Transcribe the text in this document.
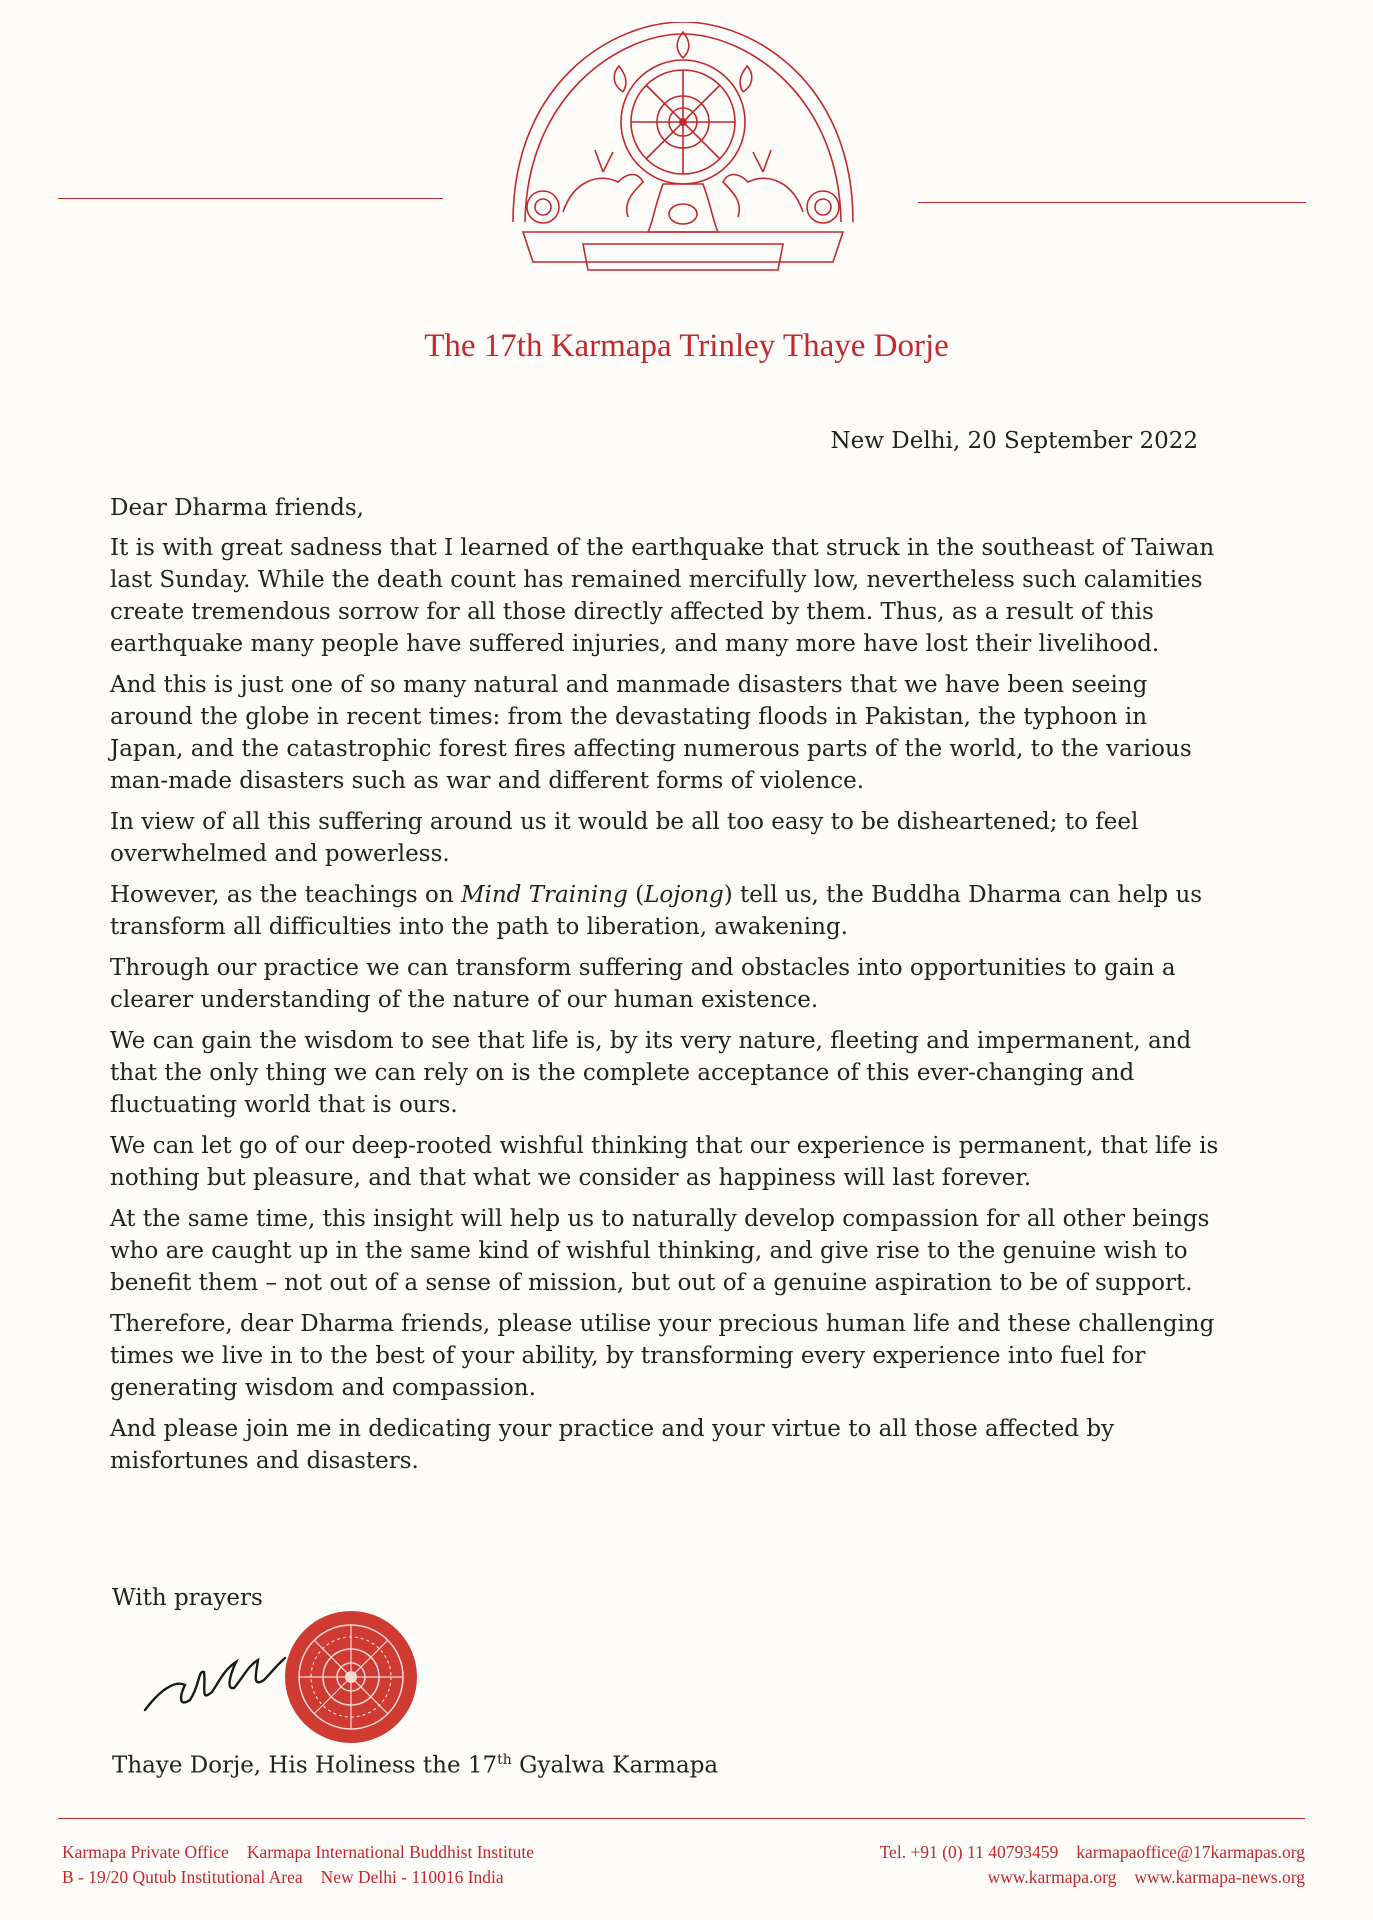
The 17th Karmapa Trinley Thaye Dorje
New Delhi, 20 September 2022

Dear Dharma friends,

It is with great sadness that I learned of the earthquake that struck in the southeast of Taiwan last Sunday. While the death count has remained mercifully low, nevertheless such calamities create tremendous sorrow for all those directly affected by them. Thus, as a result of this earthquake many people have suffered injuries, and many more have lost their livelihood.

And this is just one of so many natural and manmade disasters that we have been seeing around the globe in recent times: from the devastating floods in Pakistan, the typhoon in Japan, and the catastrophic forest fires affecting numerous parts of the world, to the various man-made disasters such as war and different forms of violence.

In view of all this suffering around us it would be all too easy to be disheartened; to feel overwhelmed and powerless.

However, as the teachings on Mind Training (Lojong) tell us, the Buddha Dharma can help us transform all difficulties into the path to liberation, awakening.

Through our practice we can transform suffering and obstacles into opportunities to gain a clearer understanding of the nature of our human existence.

We can gain the wisdom to see that life is, by its very nature, fleeting and impermanent, and that the only thing we can rely on is the complete acceptance of this ever-changing and fluctuating world that is ours.

We can let go of our deep-rooted wishful thinking that our experience is permanent, that life is nothing but pleasure, and that what we consider as happiness will last forever.

At the same time, this insight will help us to naturally develop compassion for all other beings who are caught up in the same kind of wishful thinking, and give rise to the genuine wish to benefit them – not out of a sense of mission, but out of a genuine aspiration to be of support.

Therefore, dear Dharma friends, please utilise your precious human life and these challenging times we live in to the best of your ability, by transforming every experience into fuel for generating wisdom and compassion.

And please join me in dedicating your practice and your virtue to all those affected by misfortunes and disasters.

With prayers
Thaye Dorje, His Holiness the 17th Gyalwa Karmapa
Karmapa Private Office Karmapa International Buddhist Institute
B - 19/20 Qutub Institutional Area New Delhi - 110016 India
Tel. +91 (0) 11 40793459 karmapaoffice@17karmapas.org
www.karmapa.org www.karmapa-news.org
